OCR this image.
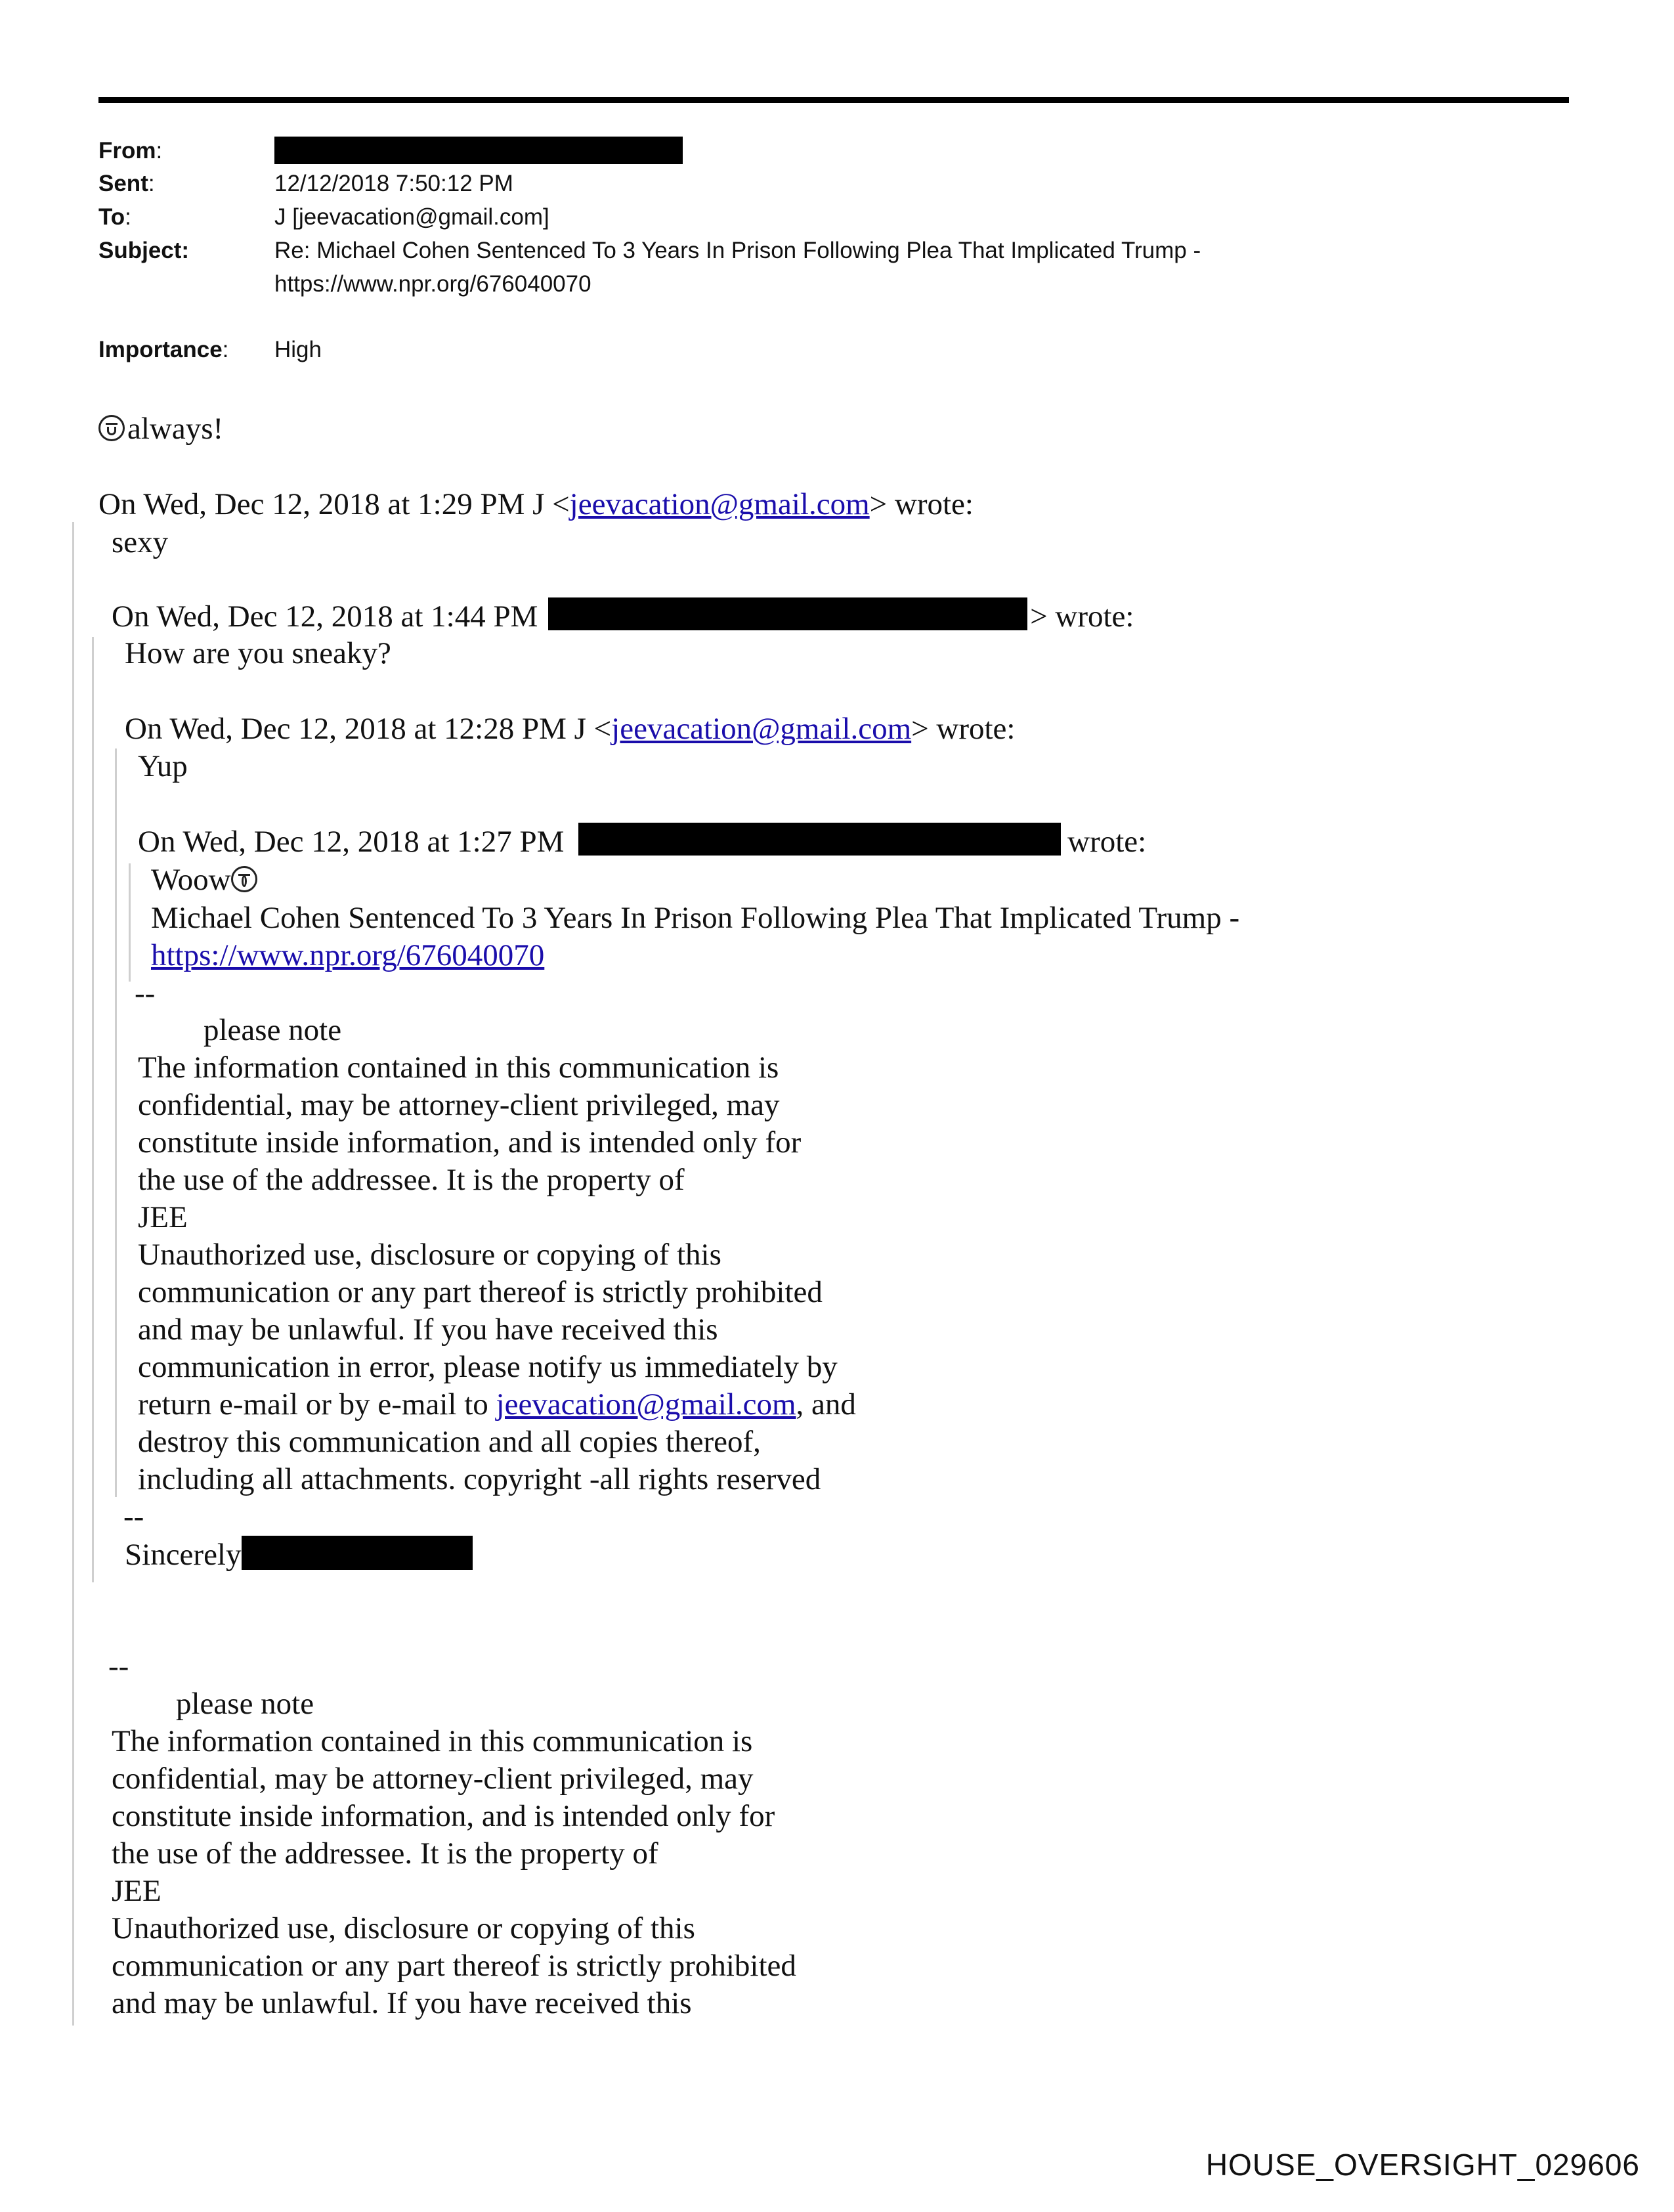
From:
Sent:	12/12/2018 7:50:12 PM
To:	J [jeevacation@gmail.com]
Subject:	Re: Michael Cohen Sentenced To 3 Years In Prison Following Plea That Implicated Trump -
https://www.npr.org/676040070
Importance: High
always!
On Wed, Dec 12, 2018 at 1:29 PM J <jeevacation@gmail.com> wrote:
sexy
On Wed, Dec 12, 2018 at 1:44 PM	> wrote:
How are you sneaky?
On Wed, Dec 12, 2018 at 12:28 PM J <jeevacation@gmail.com> wrote:
Yup
On Wed, Dec 12, 2018 at 1:27 PM	wrote:
Woow
Michael Cohen Sentenced To 3 Years In Prison Following Plea That Implicated Trump -
https://www.npr.org/676040070
--
please note
The information contained in this communication is
confidential, may be attorney-client privileged, may
constitute inside information, and is intended only for
the use of the addressee. It is the property of
JEE
Unauthorized use, disclosure or copying of this
communication or any part thereof is strictly prohibited
and may be unlawful. If you have received this
communication in error, please notify us immediately by
return e-mail or by e-mail to jeevacation@gmail.com, and
destroy this communication and all copies thereof,
including all attachments. copyright -all rights reserved
--
Sincerely
--
please note
The information contained in this communication is
confidential, may be attorney-client privileged, may
constitute inside information, and is intended only for
the use of the addressee. It is the property of
JEE
Unauthorized use, disclosure or copying of this
communication or any part thereof is strictly prohibited
and may be unlawful. If you have received this
HOUSE_OVERSIGHT_029606
